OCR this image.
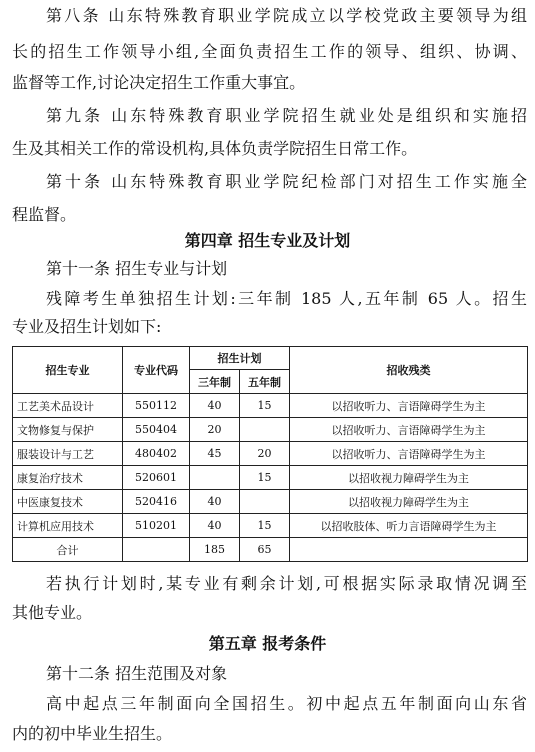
第八条 山东特殊教育职业学院成立以学校党政主要领导为组
长的招生工作领导小组,全面负责招生工作的领导、组织、协调、
监督等工作,讨论决定招生工作重大事宜。
第九条 山东特殊教育职业学院招生就业处是组织和实施招
生及其相关工作的常设机构,具体负责学院招生日常工作。
第十条 山东特殊教育职业学院纪检部门对招生工作实施全
程监督。
第四章 招生专业及计划
第十一条 招生专业与计划
残障考生单独招生计划:三年制 185 人,五年制 65 人。招生
专业及招生计划如下:
招生专业	专业代码	招生计划		招收残类
		三年制	五年制	
工艺美术品设计	550112	40	15	以招收听力、言语障碍学生为主
文物修复与保护	550404	20		以招收听力、言语障碍学生为主
服装设计与工艺	480402	45	20	以招收听力、言语障碍学生为主
康复治疗技术	520601		15	以招收视力障碍学生为主
中医康复技术	520416	40		以招收视力障碍学生为主
计算机应用技术	510201	40	15	以招收肢体、听力言语障碍学生为主
合计		185	65	
若执行计划时,某专业有剩余计划,可根据实际录取情况调至
其他专业。
第五章 报考条件
第十二条 招生范围及对象
高中起点三年制面向全国招生。初中起点五年制面向山东省
内的初中毕业生招生。
